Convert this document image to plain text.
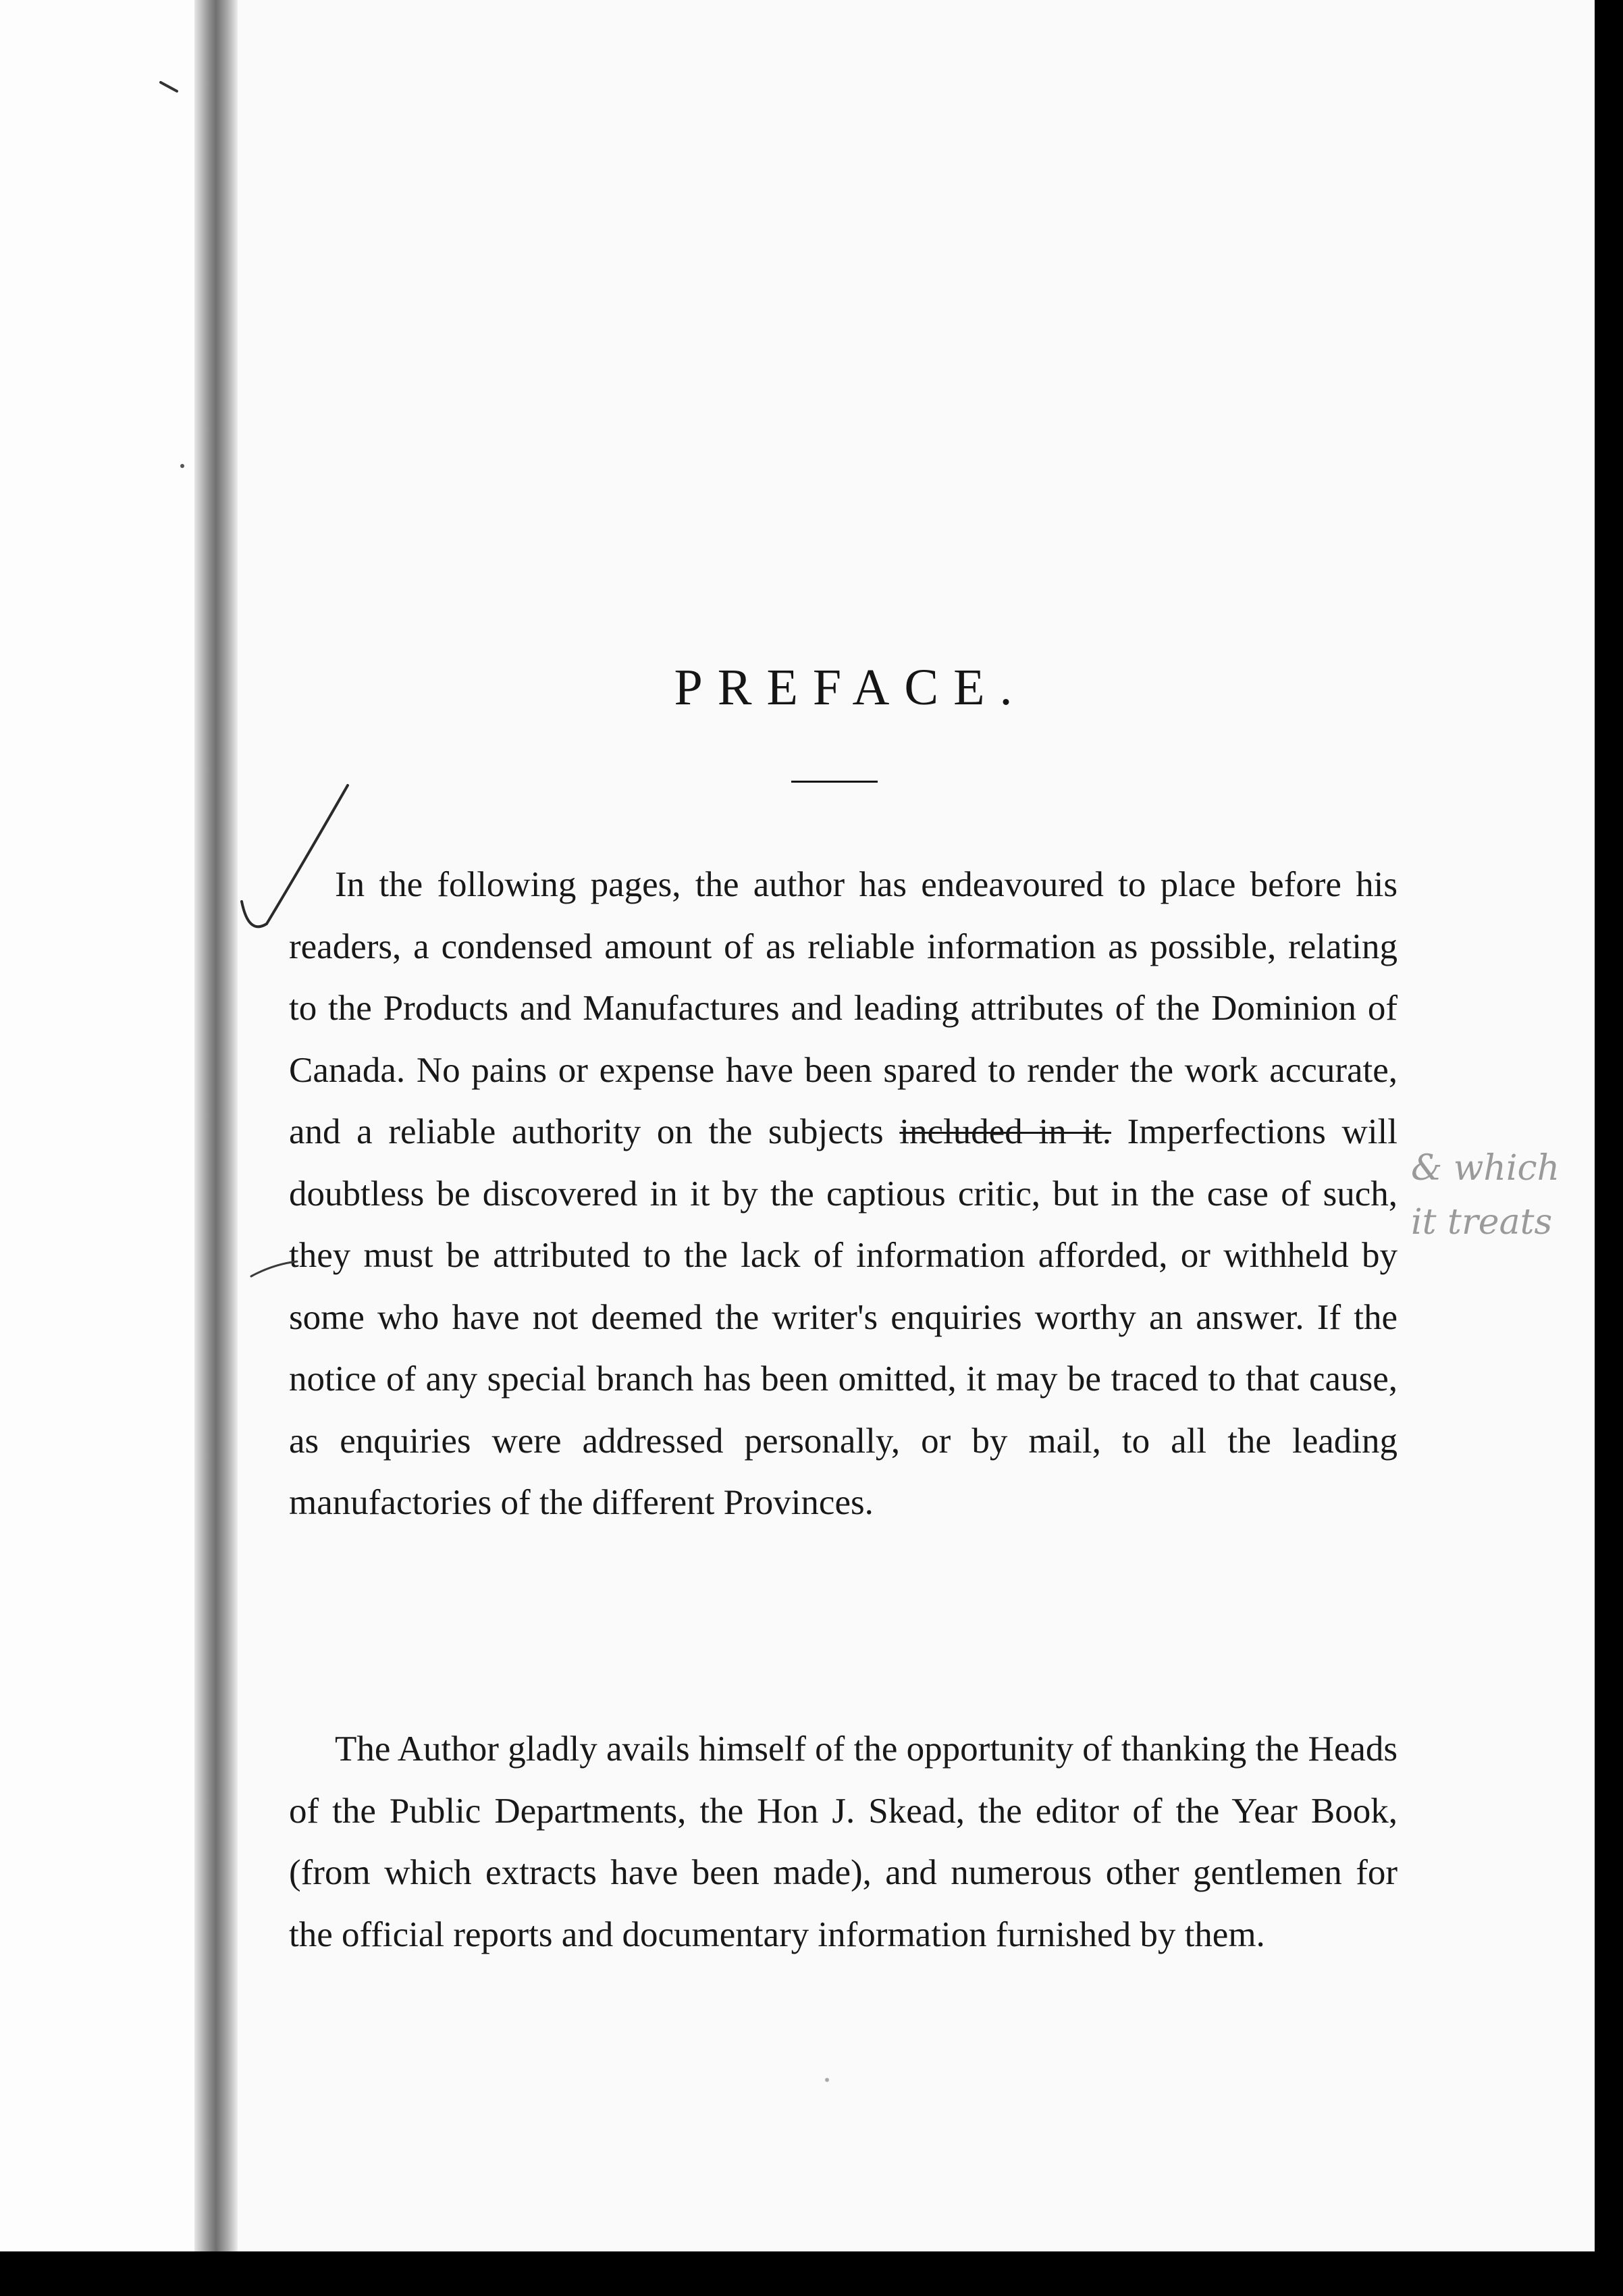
PREFACE.

In the following pages, the author has endeavoured to place before his readers, a condensed amount of as reliable information as possible, relating to the Products and Manufactures and leading attributes of the Dominion of Canada. No pains or expense have been spared to render the work accurate, and a reliable authority on the subjects included in it. Imperfections will doubtless be discovered in it by the captious critic, but in the case of such, they must be attributed to the lack of information afforded, or withheld by some who have not deemed the writer's enquiries worthy an answer. If the notice of any special branch has been omitted, it may be traced to that cause, as enquiries were addressed personally, or by mail, to all the leading manufactories of the different Provinces.

The Author gladly avails himself of the opportunity of thanking the Heads of the Public Departments, the Hon J. Skead, the editor of the Year Book, (from which extracts have been made), and numerous other gentlemen for the official reports and documentary information furnished by them.

& which it treats
